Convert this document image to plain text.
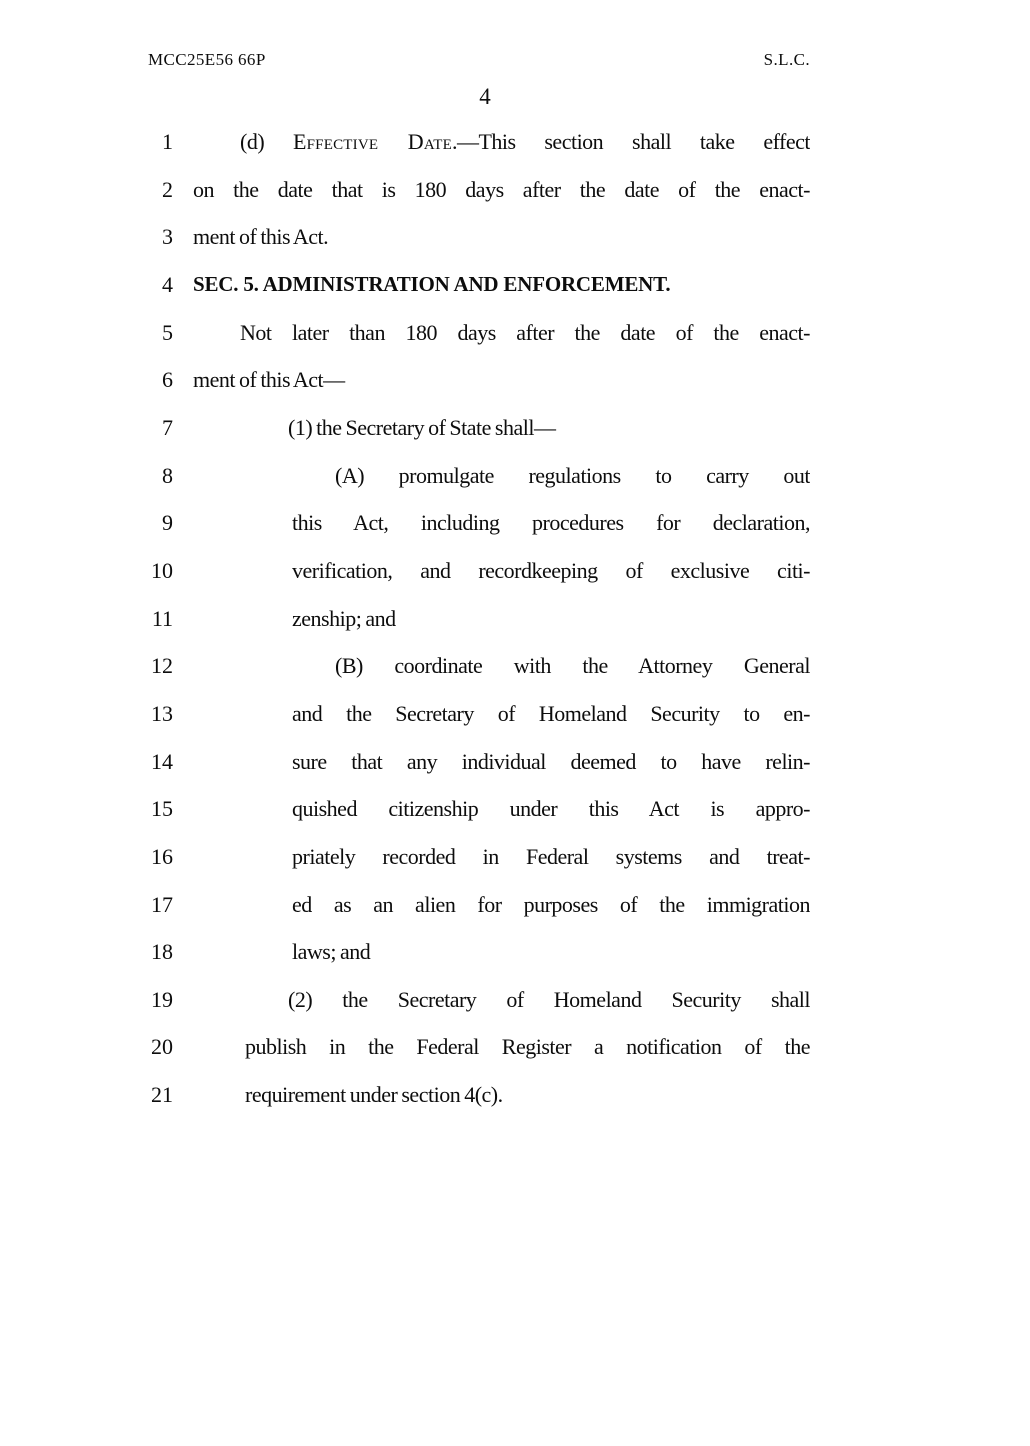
MCC25E56 66P	S.L.C.
4
1	(d) Effective Date.—This section shall take effect
2 on the date that is 180 days after the date of the enact-
3 ment of this Act.
4 SEC. 5. ADMINISTRATION AND ENFORCEMENT.
5	Not later than 180 days after the date of the enact-
6 ment of this Act—
7	(1) the Secretary of State shall—
8	(A) promulgate regulations to carry out
9	this Act, including procedures for declaration,
10	verification, and recordkeeping of exclusive citi-
11	zenship; and
12	(B) coordinate with the Attorney General
13	and the Secretary of Homeland Security to en-
14	sure that any individual deemed to have relin-
15	quished citizenship under this Act is appro-
16	priately recorded in Federal systems and treat-
17	ed as an alien for purposes of the immigration
18	laws; and
19	(2) the Secretary of Homeland Security shall
20	publish in the Federal Register a notification of the
21	requirement under section 4(c).
